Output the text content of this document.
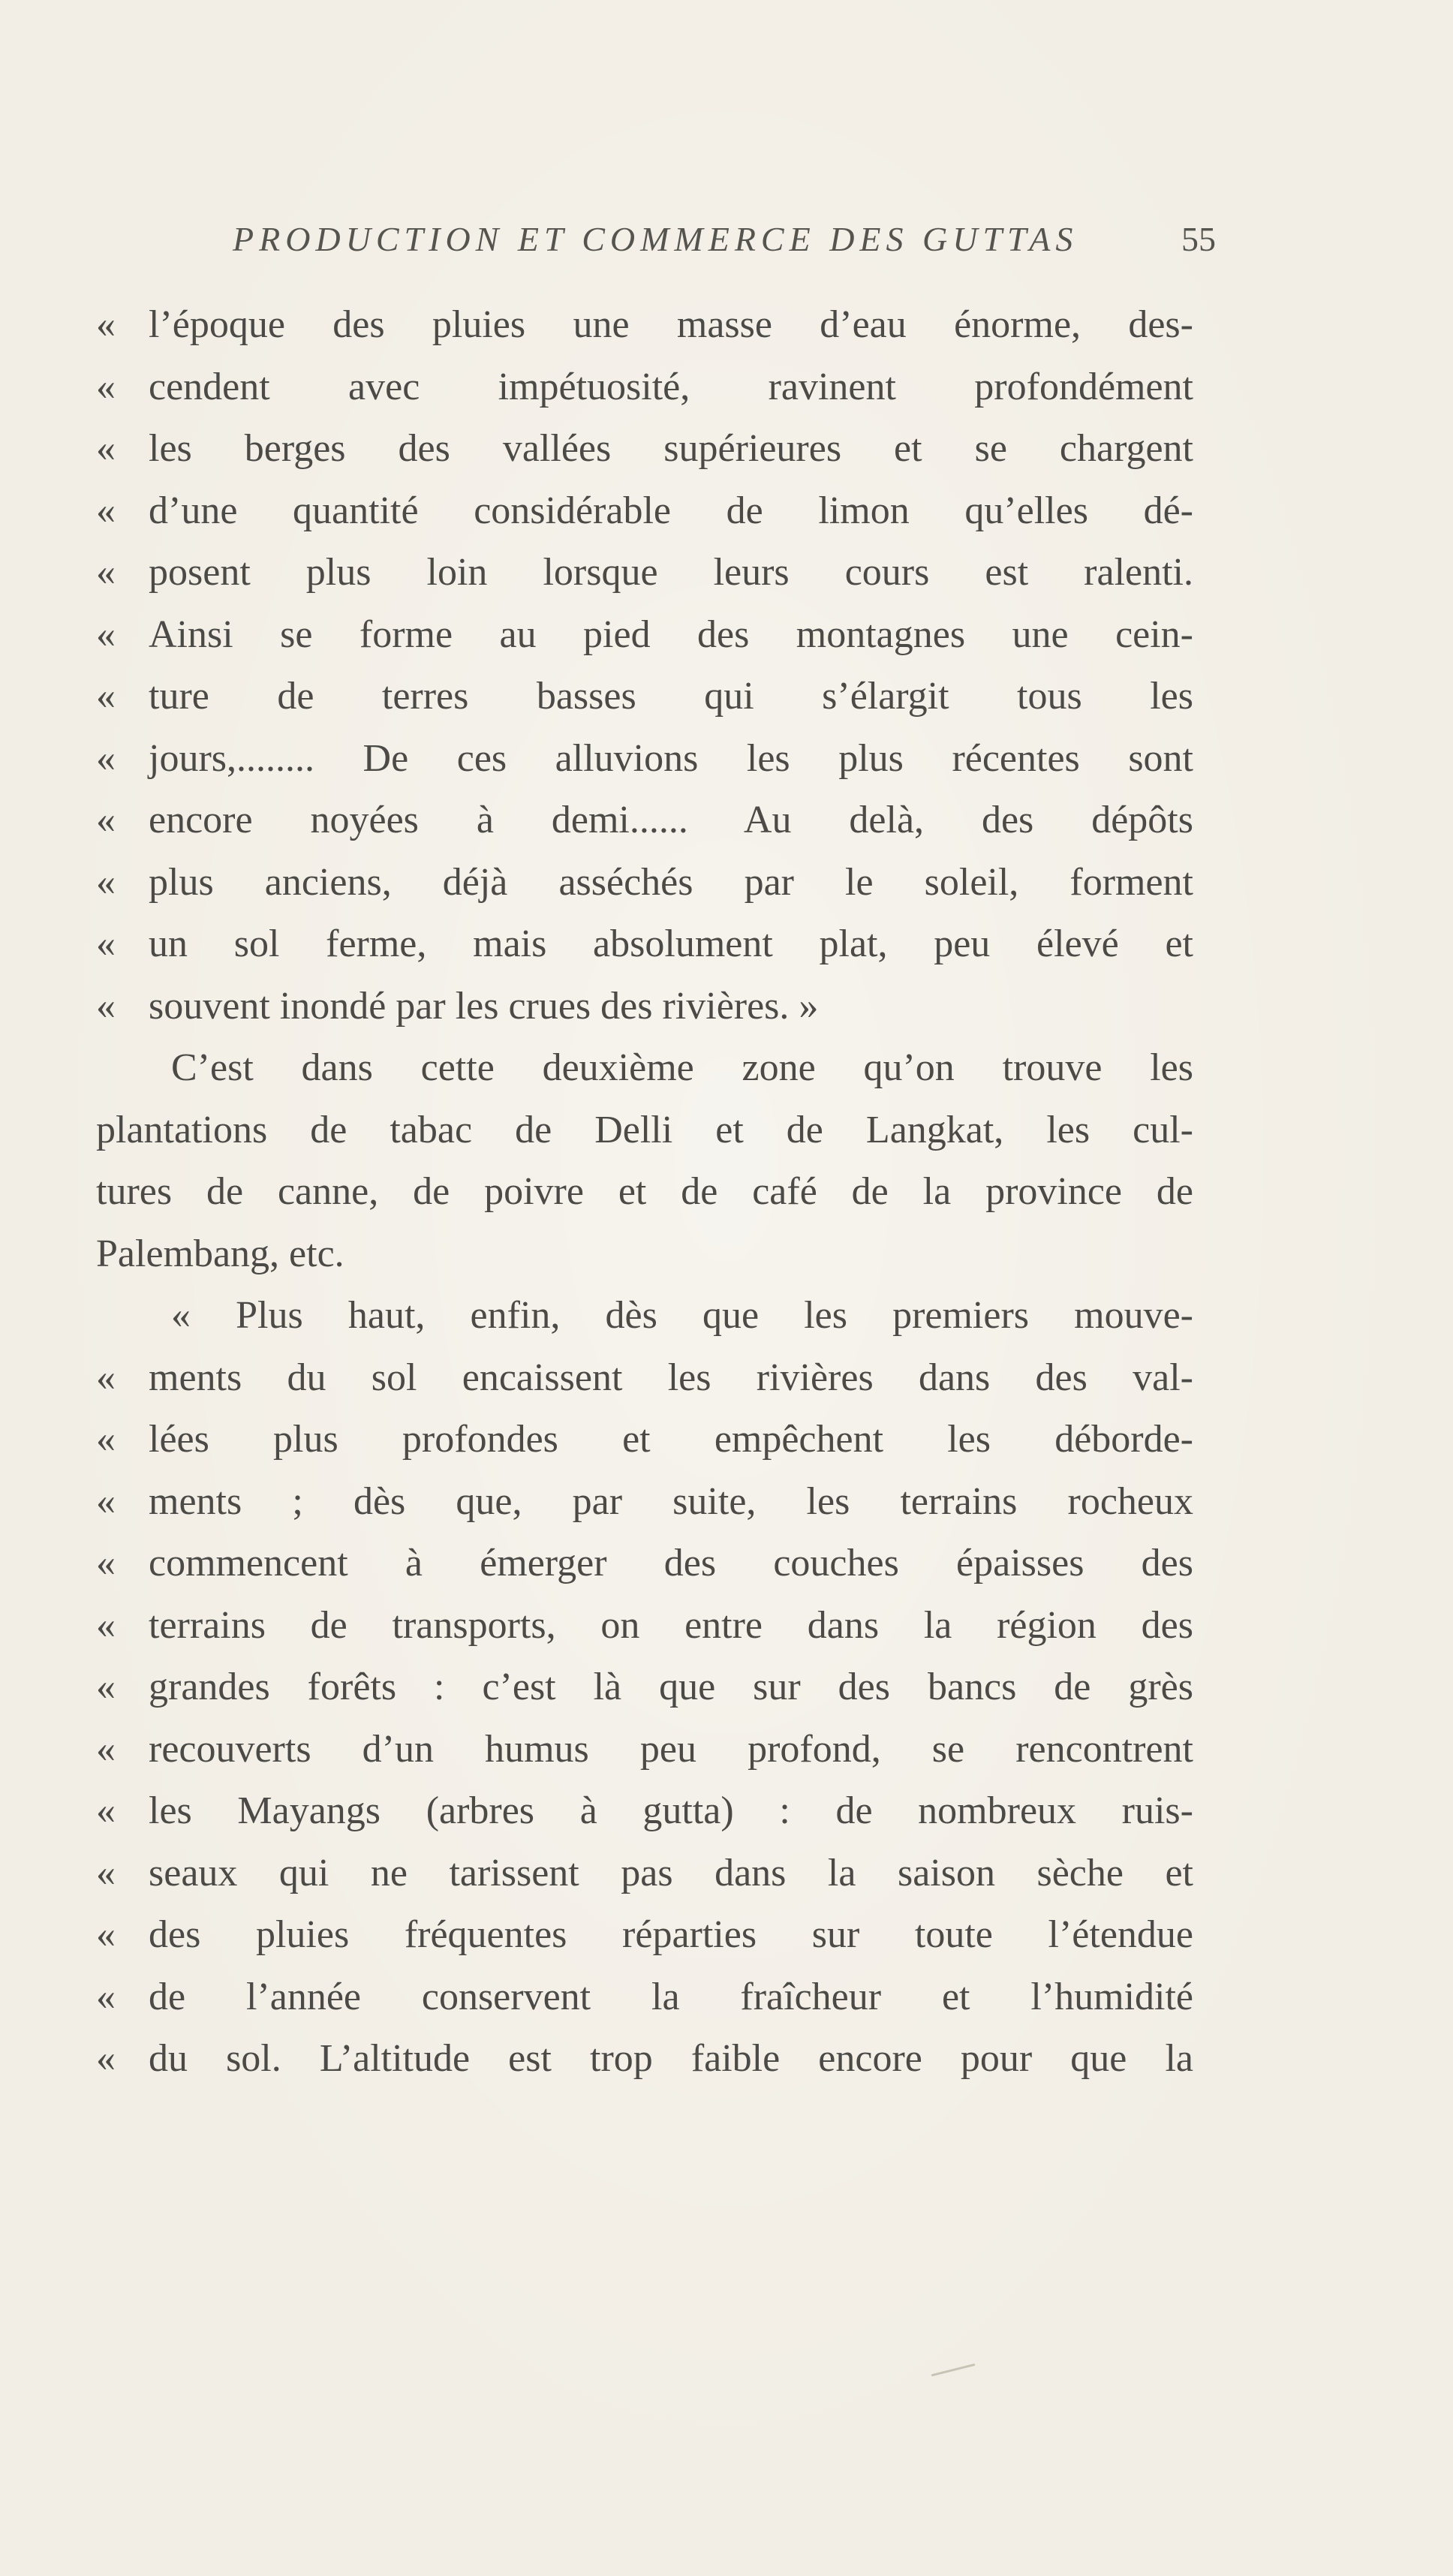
PRODUCTION ET COMMERCE DES GUTTAS	55
« l’époque des pluies une masse d’eau énorme, des-
« cendent avec impétuosité, ravinent profondément
« les berges des vallées supérieures et se chargent
« d’une quantité considérable de limon qu’elles dé-
« posent plus loin lorsque leurs cours est ralenti.
« Ainsi se forme au pied des montagnes une cein-
« ture de terres basses qui s’élargit tous les
« jours,........ De ces alluvions les plus récentes sont
« encore noyées à demi...... Au delà, des dépôts
« plus anciens, déjà asséchés par le soleil, forment
« un sol ferme, mais absolument plat, peu élevé et
« souvent inondé par les crues des rivières. »
C’est dans cette deuxième zone qu’on trouve les
plantations de tabac de Delli et de Langkat, les cul-
tures de canne, de poivre et de café de la province de
Palembang, etc.
« Plus haut, enfin, dès que les premiers mouve-
« ments du sol encaissent les rivières dans des val-
« lées plus profondes et empêchent les déborde-
« ments ; dès que, par suite, les terrains rocheux
« commencent à émerger des couches épaisses des
« terrains de transports, on entre dans la région des
« grandes forêts : c’est là que sur des bancs de grès
« recouverts d’un humus peu profond, se rencontrent
« les Mayangs (arbres à gutta) : de nombreux ruis-
« seaux qui ne tarissent pas dans la saison sèche et
« des pluies fréquentes réparties sur toute l’étendue
« de l’année conservent la fraîcheur et l’humidité
« du sol. L’altitude est trop faible encore pour que la
